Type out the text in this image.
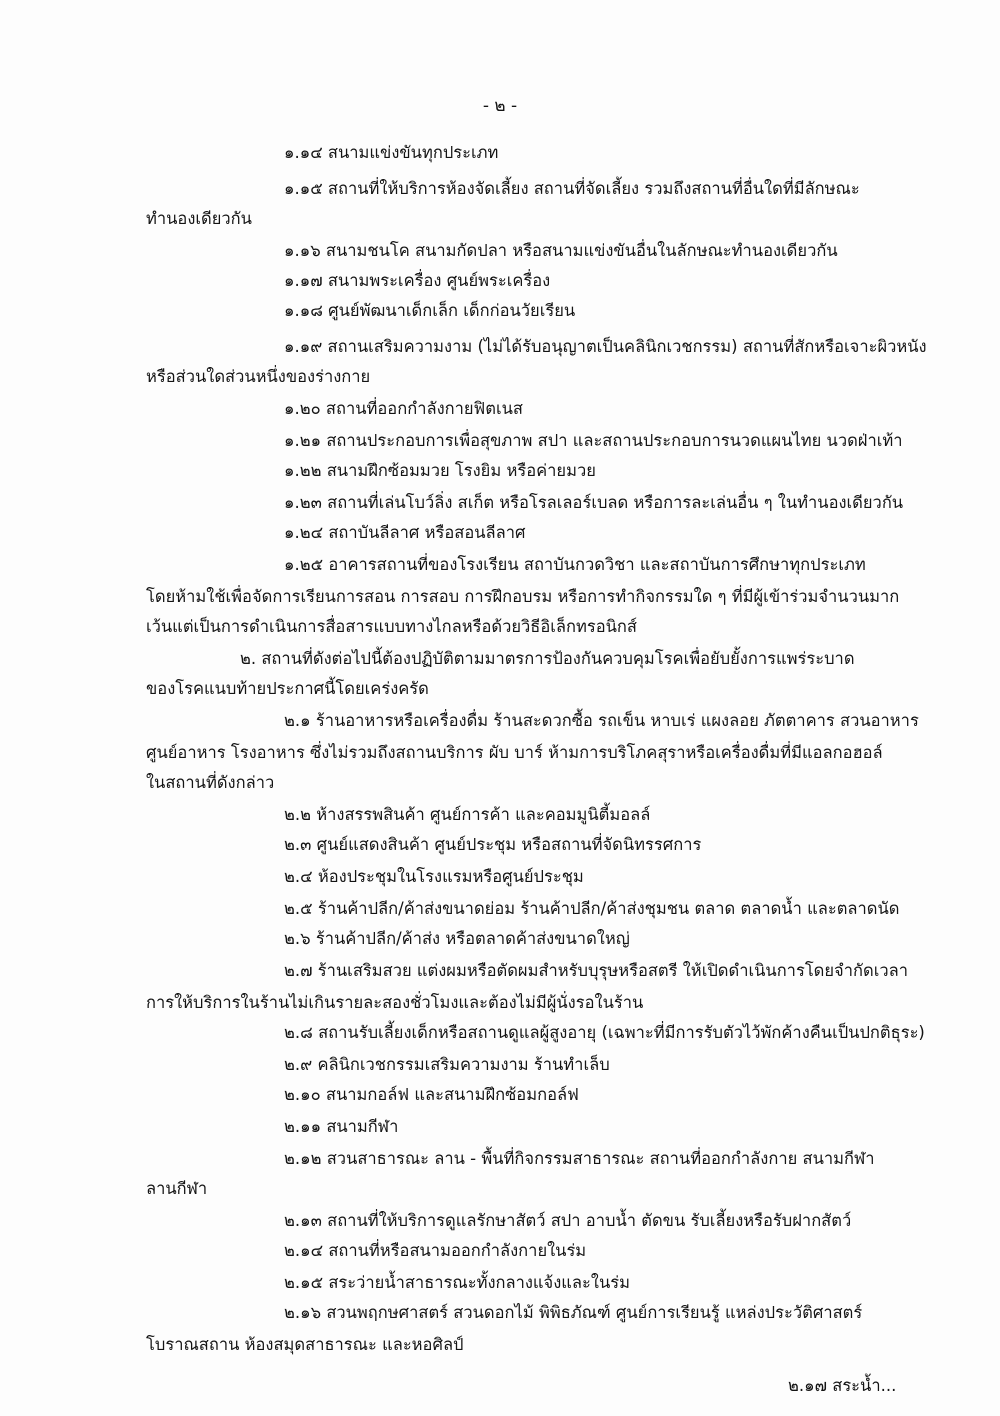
- ๒ -
๑.๑๔ สนามแข่งขันทุกประเภท
๑.๑๕ สถานที่ให้บริการห้องจัดเลี้ยง สถานที่จัดเลี้ยง รวมถึงสถานที่อื่นใดที่มีลักษณะ
ทำนองเดียวกัน
๑.๑๖ สนามชนโค สนามกัดปลา หรือสนามแข่งขันอื่นในลักษณะทำนองเดียวกัน
๑.๑๗ สนามพระเครื่อง ศูนย์พระเครื่อง
๑.๑๘ ศูนย์พัฒนาเด็กเล็ก เด็กก่อนวัยเรียน
๑.๑๙ สถานเสริมความงาม (ไม่ได้รับอนุญาตเป็นคลินิกเวชกรรม) สถานที่สักหรือเจาะผิวหนัง
หรือส่วนใดส่วนหนึ่งของร่างกาย
๑.๒๐ สถานที่ออกกำลังกายฟิตเนส
๑.๒๑ สถานประกอบการเพื่อสุขภาพ สปา และสถานประกอบการนวดแผนไทย นวดฝ่าเท้า
๑.๒๒ สนามฝึกซ้อมมวย โรงยิม หรือค่ายมวย
๑.๒๓ สถานที่เล่นโบว์ลิ่ง สเก็ต หรือโรลเลอร์เบลด หรือการละเล่นอื่น ๆ ในทำนองเดียวกัน
๑.๒๔ สถาบันลีลาศ หรือสอนลีลาศ
๑.๒๕ อาคารสถานที่ของโรงเรียน สถาบันกวดวิชา และสถาบันการศึกษาทุกประเภท
โดยห้ามใช้เพื่อจัดการเรียนการสอน การสอบ การฝึกอบรม หรือการทำกิจกรรมใด ๆ ที่มีผู้เข้าร่วมจำนวนมาก
เว้นแต่เป็นการดำเนินการสื่อสารแบบทางไกลหรือด้วยวิธีอิเล็กทรอนิกส์
๒. สถานที่ดังต่อไปนี้ต้องปฏิบัติตามมาตรการป้องกันควบคุมโรคเพื่อยับยั้งการแพร่ระบาด
ของโรคแนบท้ายประกาศนี้โดยเคร่งครัด
๒.๑ ร้านอาหารหรือเครื่องดื่ม ร้านสะดวกซื้อ รถเข็น หาบเร่ แผงลอย ภัตตาคาร สวนอาหาร
ศูนย์อาหาร โรงอาหาร ซึ่งไม่รวมถึงสถานบริการ ผับ บาร์ ห้ามการบริโภคสุราหรือเครื่องดื่มที่มีแอลกอฮอล์
ในสถานที่ดังกล่าว
๒.๒ ห้างสรรพสินค้า ศูนย์การค้า และคอมมูนิตี้มอลล์
๒.๓ ศูนย์แสดงสินค้า ศูนย์ประชุม หรือสถานที่จัดนิทรรศการ
๒.๔ ห้องประชุมในโรงแรมหรือศูนย์ประชุม
๒.๕ ร้านค้าปลีก/ค้าส่งขนาดย่อม ร้านค้าปลีก/ค้าส่งชุมชน ตลาด ตลาดน้ำ และตลาดนัด
๒.๖ ร้านค้าปลีก/ค้าส่ง หรือตลาดค้าส่งขนาดใหญ่
๒.๗ ร้านเสริมสวย แต่งผมหรือตัดผมสำหรับบุรุษหรือสตรี ให้เปิดดำเนินการโดยจำกัดเวลา
การให้บริการในร้านไม่เกินรายละสองชั่วโมงและต้องไม่มีผู้นั่งรอในร้าน
๒.๘ สถานรับเลี้ยงเด็กหรือสถานดูแลผู้สูงอายุ (เฉพาะที่มีการรับตัวไว้พักค้างคืนเป็นปกติธุระ)
๒.๙ คลินิกเวชกรรมเสริมความงาม ร้านทำเล็บ
๒.๑๐ สนามกอล์ฟ และสนามฝึกซ้อมกอล์ฟ
๒.๑๑ สนามกีฬา
๒.๑๒ สวนสาธารณะ ลาน - พื้นที่กิจกรรมสาธารณะ สถานที่ออกกำลังกาย สนามกีฬา
ลานกีฬา
๒.๑๓ สถานที่ให้บริการดูแลรักษาสัตว์ สปา อาบน้ำ ตัดขน รับเลี้ยงหรือรับฝากสัตว์
๒.๑๔ สถานที่หรือสนามออกกำลังกายในร่ม
๒.๑๕ สระว่ายน้ำสาธารณะทั้งกลางแจ้งและในร่ม
๒.๑๖ สวนพฤกษศาสตร์ สวนดอกไม้ พิพิธภัณฑ์ ศูนย์การเรียนรู้ แหล่งประวัติศาสตร์
โบราณสถาน ห้องสมุดสาธารณะ และหอศิลป์
๒.๑๗ สระน้ำ...
